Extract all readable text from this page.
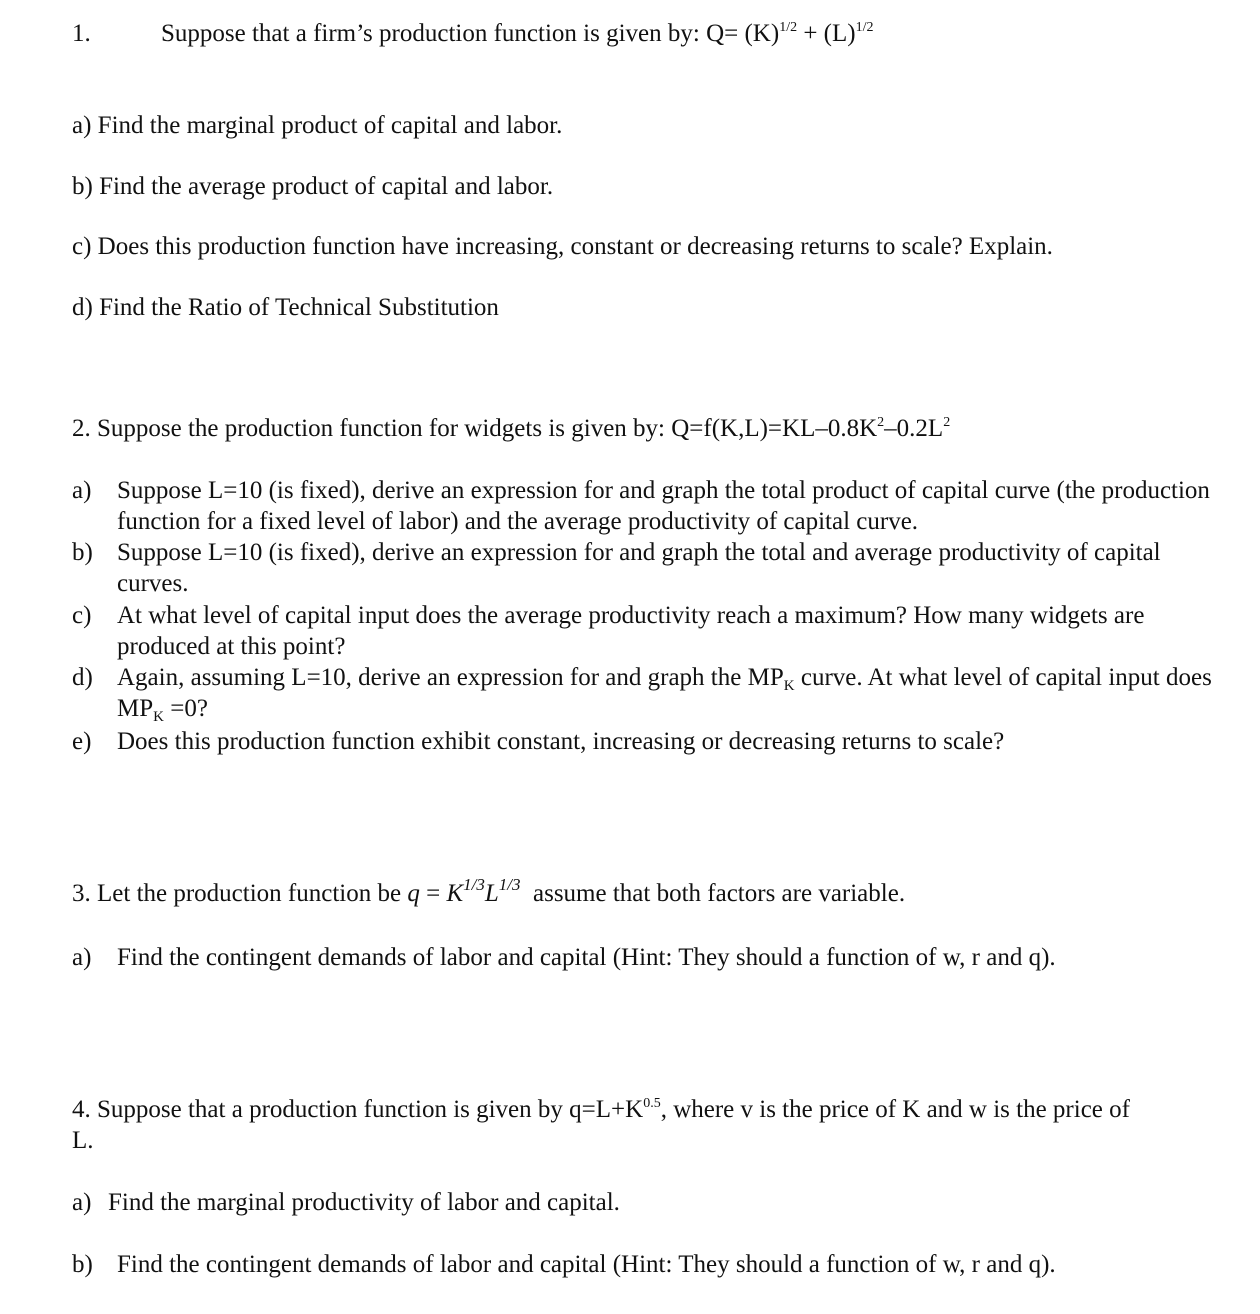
1.	Suppose that a firm’s production function is given by: $Q= (K)^{1/2} + (L)^{1/2}$
a) Find the marginal product of capital and labor.
b) Find the average product of capital and labor.
c) Does this production function have increasing, constant or decreasing returns to scale? Explain.
d) Find the Ratio of Technical Substitution
2. Suppose the production function for widgets is given by: $Q=f(K,L)=KL-0.8K^2-0.2L^2$
a) Suppose L=10 (is fixed), derive an expression for and graph the total product of capital curve (the production function for a fixed level of labor) and the average productivity of capital curve.
b) Suppose L=10 (is fixed), derive an expression for and graph the total and average productivity of capital curves.
c) At what level of capital input does the average productivity reach a maximum? How many widgets are produced at this point?
d) Again, assuming L=10, derive an expression for and graph the $MP_K$ curve. At what level of capital input does $MP_K =0$?
e) Does this production function exhibit constant, increasing or decreasing returns to scale?
3. Let the production function be $q = K^{1/3}L^{1/3}$  assume that both factors are variable.
a) Find the contingent demands of labor and capital (Hint: They should a function of w, r and q).
4. Suppose that a production function is given by $q=L+K^{0.5}$, where v is the price of K and w is the price of
L.
a) Find the marginal productivity of labor and capital.
b) Find the contingent demands of labor and capital (Hint: They should a function of w, r and q).
